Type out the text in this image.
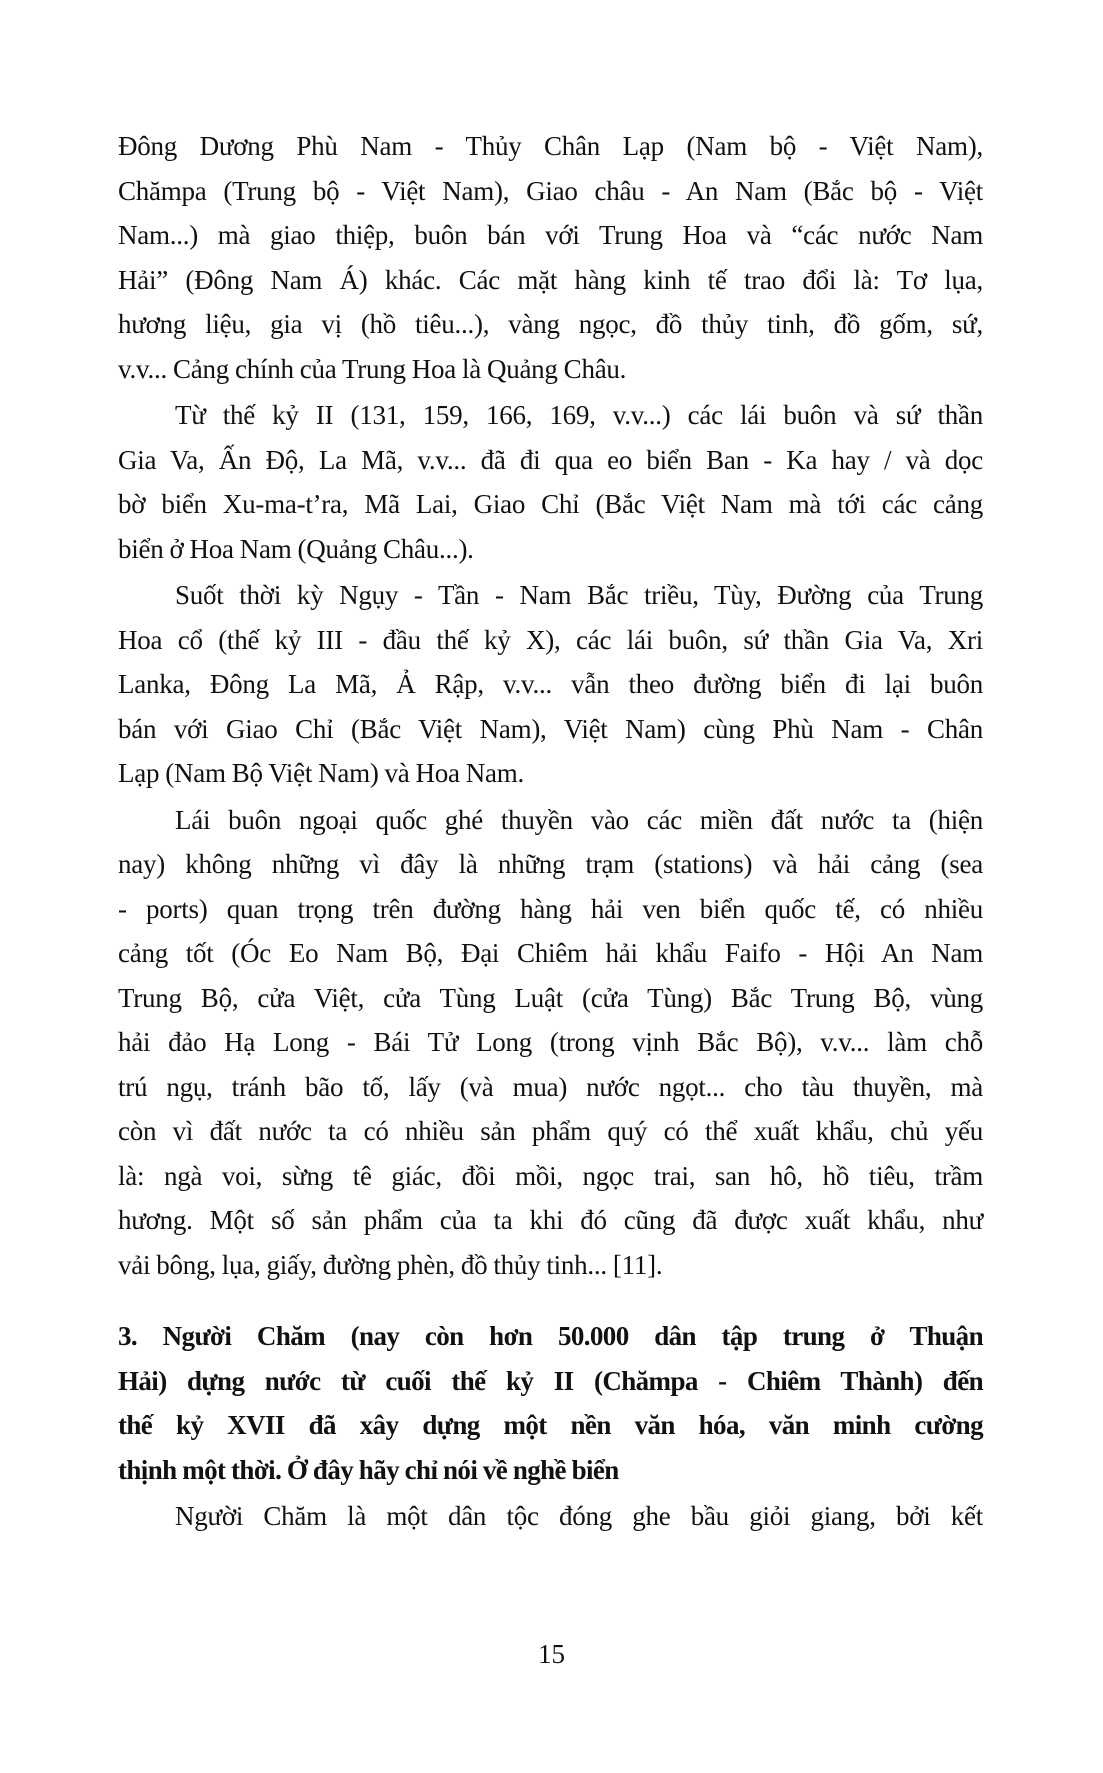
Đông Dương Phù Nam - Thủy Chân Lạp (Nam bộ - Việt Nam),
Chămpa (Trung bộ - Việt Nam), Giao châu - An Nam (Bắc bộ - Việt
Nam...) mà giao thiệp, buôn bán với Trung Hoa và “các nước Nam
Hải” (Đông Nam Á) khác. Các mặt hàng kinh tế trao đổi là: Tơ lụa,
hương liệu, gia vị (hồ tiêu...), vàng ngọc, đồ thủy tinh, đồ gốm, sứ,
v.v... Cảng chính của Trung Hoa là Quảng Châu.

Từ thế kỷ II (131, 159, 166, 169, v.v...) các lái buôn và sứ thần
Gia Va, Ấn Độ, La Mã, v.v... đã đi qua eo biển Ban - Ka hay / và dọc
bờ biển Xu-ma-t’ra, Mã Lai, Giao Chỉ (Bắc Việt Nam mà tới các cảng
biển ở Hoa Nam (Quảng Châu...).

Suốt thời kỳ Ngụy - Tần - Nam Bắc triều, Tùy, Đường của Trung
Hoa cổ (thế kỷ III - đầu thế kỷ X), các lái buôn, sứ thần Gia Va, Xri
Lanka, Đông La Mã, Ả Rập, v.v... vẫn theo đường biển đi lại buôn
bán với Giao Chỉ (Bắc Việt Nam), Việt Nam) cùng Phù Nam - Chân
Lạp (Nam Bộ Việt Nam) và Hoa Nam.

Lái buôn ngoại quốc ghé thuyền vào các miền đất nước ta (hiện
nay) không những vì đây là những trạm (stations) và hải cảng (sea
- ports) quan trọng trên đường hàng hải ven biển quốc tế, có nhiều
cảng tốt (Óc Eo Nam Bộ, Đại Chiêm hải khẩu Faifo - Hội An Nam
Trung Bộ, cửa Việt, cửa Tùng Luật (cửa Tùng) Bắc Trung Bộ, vùng
hải đảo Hạ Long - Bái Tử Long (trong vịnh Bắc Bộ), v.v... làm chỗ
trú ngụ, tránh bão tố, lấy (và mua) nước ngọt... cho tàu thuyền, mà
còn vì đất nước ta có nhiều sản phẩm quý có thể xuất khẩu, chủ yếu
là: ngà voi, sừng tê giác, đồi mồi, ngọc trai, san hô, hồ tiêu, trầm
hương. Một số sản phẩm của ta khi đó cũng đã được xuất khẩu, như
vải bông, lụa, giấy, đường phèn, đồ thủy tinh... [11].

3. Người Chăm (nay còn hơn 50.000 dân tập trung ở Thuận
Hải) dựng nước từ cuối thế kỷ II (Chămpa - Chiêm Thành) đến
thế kỷ XVII đã xây dựng một nền văn hóa, văn minh cường
thịnh một thời. Ở đây hãy chỉ nói về nghề biển

Người Chăm là một dân tộc đóng ghe bầu giỏi giang, bởi kết

15
